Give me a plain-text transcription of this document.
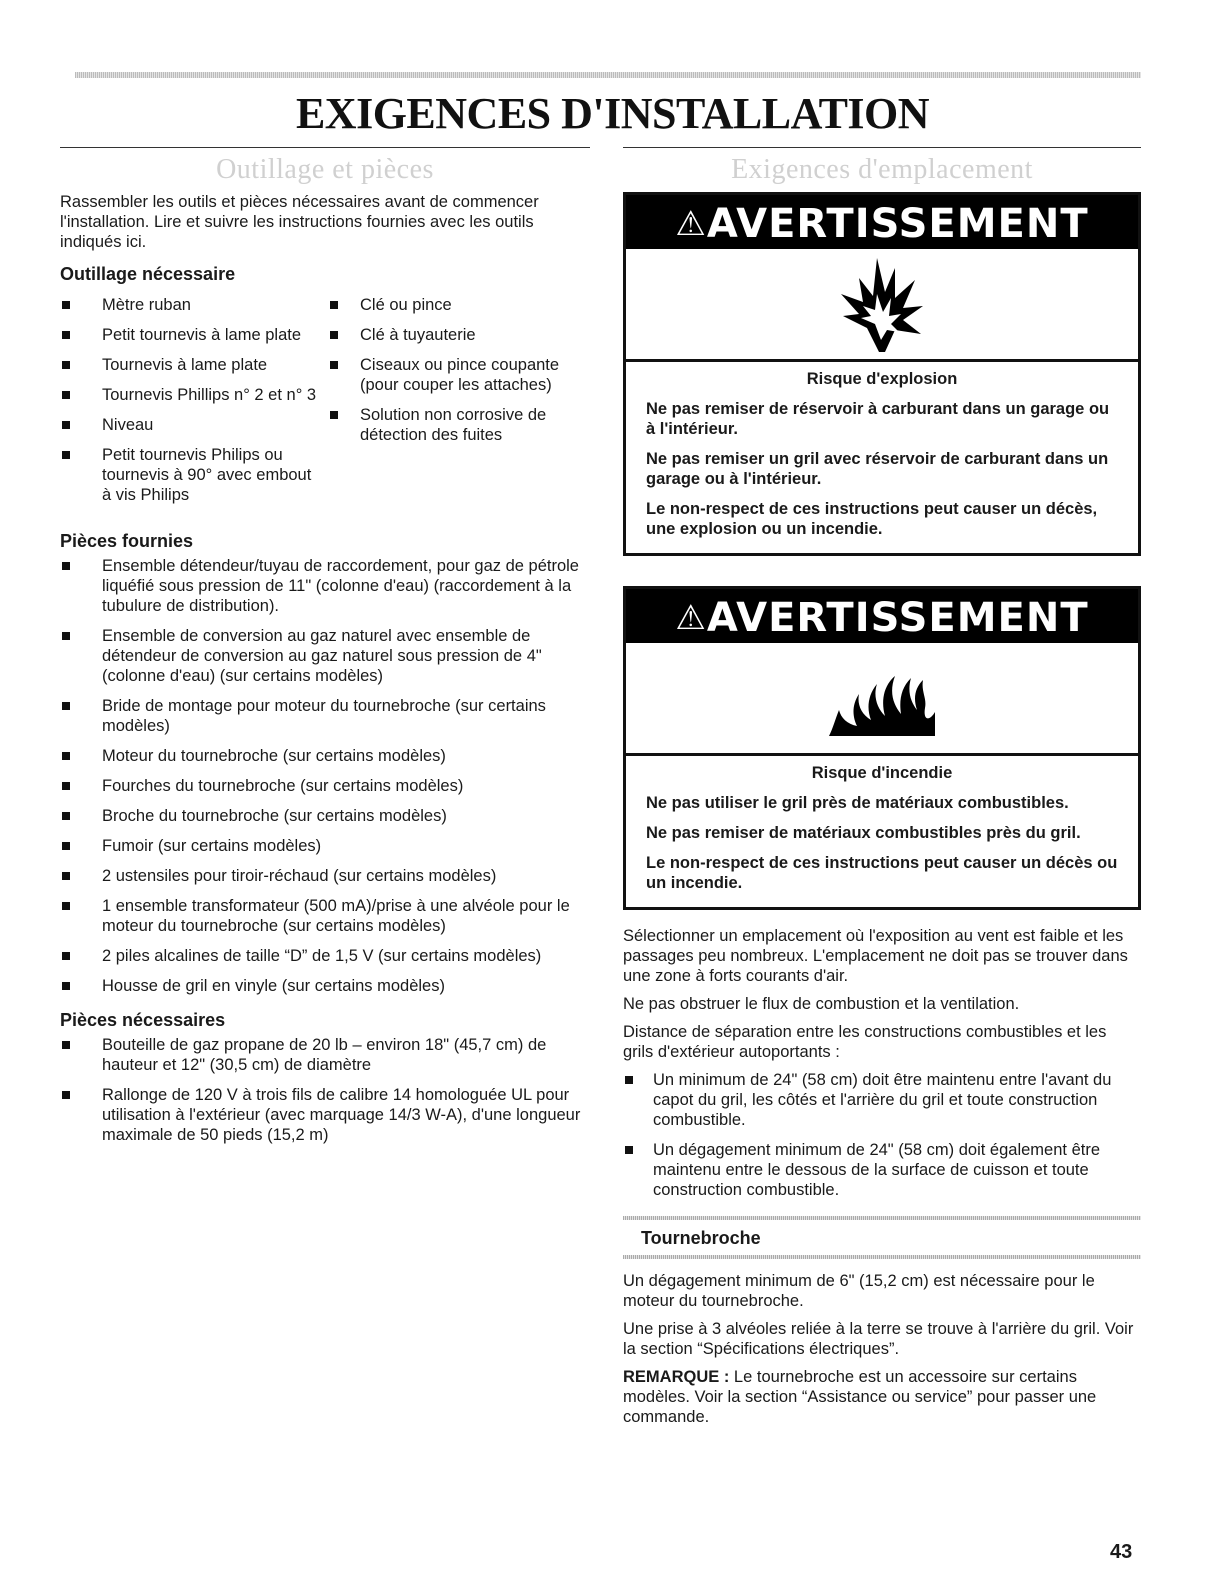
EXIGENCES D'INSTALLATION
Outillage et pièces

Rassembler les outils et pièces nécessaires avant de commencer l'installation. Lire et suivre les instructions fournies avec les outils indiqués ici.

Outillage nécessaire
Mètre ruban
Petit tournevis à lame plate
Tournevis à lame plate
Tournevis Phillips n° 2 et n° 3
Niveau
Petit tournevis Philips ou tournevis à 90° avec embout à vis Philips
Clé ou pince
Clé à tuyauterie
Ciseaux ou pince coupante (pour couper les attaches)
Solution non corrosive de détection des fuites
Pièces fournies
Ensemble détendeur/tuyau de raccordement, pour gaz de pétrole liquéfié sous pression de 11" (colonne d'eau) (raccordement à la tubulure de distribution).
Ensemble de conversion au gaz naturel avec ensemble de détendeur de conversion au gaz naturel sous pression de 4" (colonne d'eau) (sur certains modèles)
Bride de montage pour moteur du tournebroche (sur certains modèles)
Moteur du tournebroche (sur certains modèles)
Fourches du tournebroche (sur certains modèles)
Broche du tournebroche (sur certains modèles)
Fumoir (sur certains modèles)
2 ustensiles pour tiroir-réchaud (sur certains modèles)
1 ensemble transformateur (500 mA)/prise à une alvéole pour le moteur du tournebroche (sur certains modèles)
2 piles alcalines de taille “D” de 1,5 V (sur certains modèles)
Housse de gril en vinyle (sur certains modèles)
Pièces nécessaires
Bouteille de gaz propane de 20 lb – environ 18" (45,7 cm) de hauteur et 12" (30,5 cm) de diamètre
Rallonge de 120 V à trois fils de calibre 14 homologuée UL pour utilisation à l'extérieur (avec marquage 14/3 W-A), d'une longueur maximale de 50 pieds (15,2 m)
Exigences d'emplacement
⚠AVERTISSEMENT
Risque d'explosion
Ne pas remiser de réservoir à carburant dans un garage ou à l'intérieur.
Ne pas remiser un gril avec réservoir de carburant dans un garage ou à l'intérieur.
Le non-respect de ces instructions peut causer un décès, une explosion ou un incendie.
⚠AVERTISSEMENT
Risque d'incendie
Ne pas utiliser le gril près de matériaux combustibles.
Ne pas remiser de matériaux combustibles près du gril.
Le non-respect de ces instructions peut causer un décès ou un incendie.

Sélectionner un emplacement où l'exposition au vent est faible et les passages peu nombreux. L'emplacement ne doit pas se trouver dans une zone à forts courants d'air.

Ne pas obstruer le flux de combustion et la ventilation.

Distance de séparation entre les constructions combustibles et les grils d'extérieur autoportants :

Un minimum de 24" (58 cm) doit être maintenu entre l'avant du capot du gril, les côtés et l'arrière du gril et toute construction combustible.
Un dégagement minimum de 24" (58 cm) doit également être maintenu entre le dessous de la surface de cuisson et toute construction combustible.
Tournebroche

Un dégagement minimum de 6" (15,2 cm) est nécessaire pour le moteur du tournebroche.

Une prise à 3 alvéoles reliée à la terre se trouve à l'arrière du gril. Voir la section “Spécifications électriques”.

REMARQUE : Le tournebroche est un accessoire sur certains modèles. Voir la section “Assistance ou service” pour passer une commande.

43
